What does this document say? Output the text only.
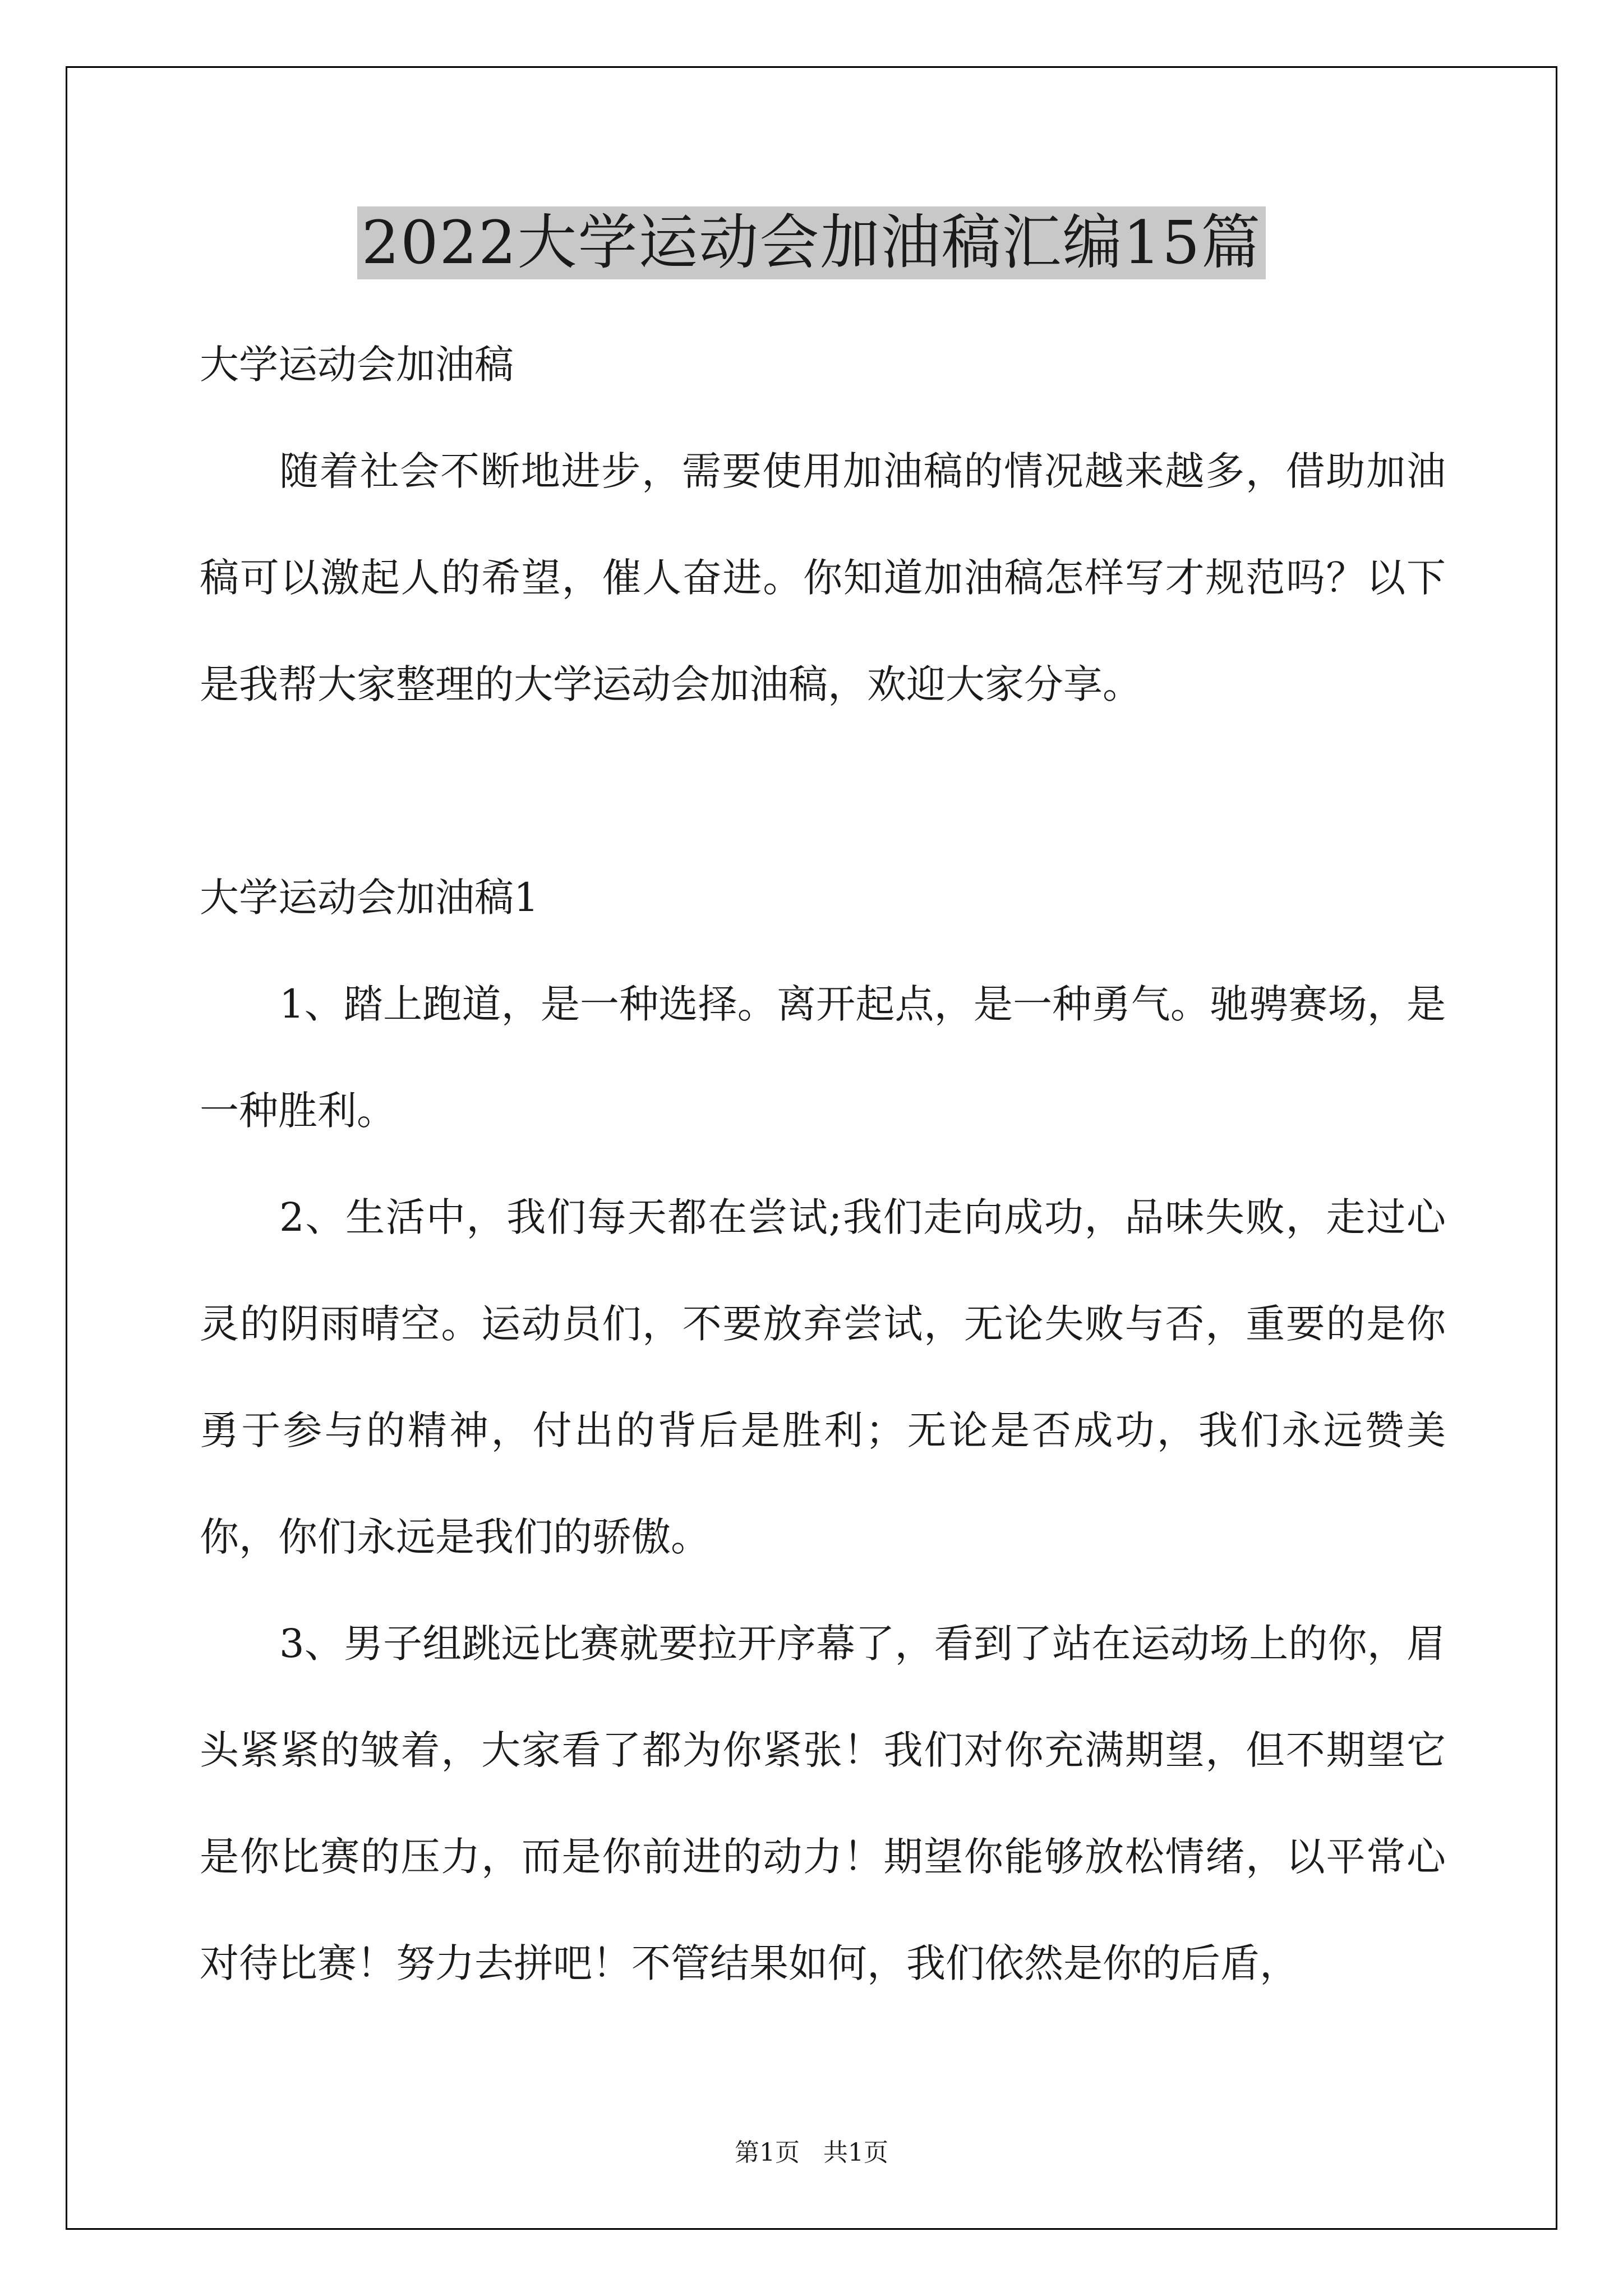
2022大学运动会加油稿汇编15篇

大学运动会加油稿

随着社会不断地进步，需要使用加油稿的情况越来越多，借助加油稿可以激起人的希望，催人奋进。你知道加油稿怎样写才规范吗？以下是我帮大家整理的大学运动会加油稿，欢迎大家分享。

大学运动会加油稿1

1、踏上跑道，是一种选择。离开起点，是一种勇气。驰骋赛场，是一种胜利。

2、生活中，我们每天都在尝试;我们走向成功，品味失败，走过心灵的阴雨晴空。运动员们，不要放弃尝试，无论失败与否，重要的是你勇于参与的精神，付出的背后是胜利；无论是否成功，我们永远赞美你，你们永远是我们的骄傲。

3、男子组跳远比赛就要拉开序幕了，看到了站在运动场上的你，眉头紧紧的皱着，大家看了都为你紧张！我们对你充满期望，但不期望它是你比赛的压力，而是你前进的动力！期望你能够放松情绪，以平常心对待比赛！努力去拼吧！不管结果如何，我们依然是你的后盾，

第1页   共1页
